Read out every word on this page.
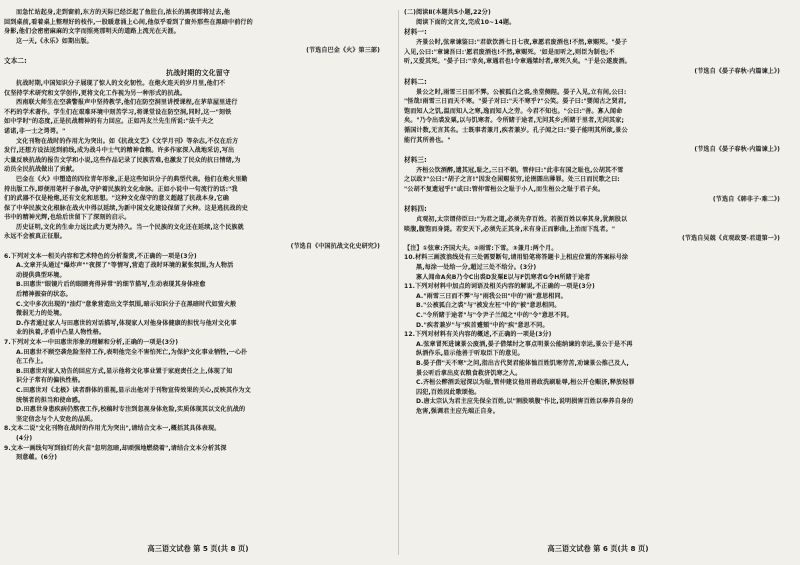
而急忙站起身,走到窗前,东方的天际已经泛起了鱼肚白,浓长的黑夜即将过去,他
回到桌前,看着桌上整理好的枝作,一股暖意涌上心间,他似乎看到了窗外那些在黑暗中前行的
身影,他们会密密麻麻的文字而照亮那明天的道路上流光在天涯。
这一天,《永乐》如期出版。
(节选自巴金《火》第三部)
文本二:
抗战时期的文化留守
抗战时期,中国知识分子展现了惊人的文化韧性。在炮火连天的岁月里,他们不
仅坚持学术研究和文学创作,更将文化工作视为另一种形式的抗战。
西南联大师生在空袭警报声中坚持教学,他们在防空洞里讲授课程,在茅草屋里进行
不朽的学术著作。学生们在艰难环境中刻苦学习,将课堂设在防空洞,同时,这一"刻铁
如中学时"的态度,正是抗战精神的有力回应。正如冯友兰先生所说:"法千夫之
诺诺,非一士之谔谔。"
文化刊物在战时的作用尤为突出。如《抗战文艺》《文学月刊》等杂志,不仅在后方
发行,还想方设法送到前线,成为战斗中士气的精神食粮。许多作家深入战地采访,写出
大量反映抗战的报告文学和小说,这些作品记录了民族苦难,也激发了民众的抗日情绪,为
动员全民抗战做出了贡献。
巴金在《火》中塑造的四位青年形象,正是这些知识分子的典型代表。他们在炮火里勤
持出版工作,即便用笔杆子参战,守护着民族的文化命脉。正如小说中一句流行的话:"我
们的武器不仅是枪炮,还有文化和思想。"这种文化保守的意义超越了抗战本身,它确
保了中华民族文化根脉在战火中得以延续,为新中国文化建设保留了火种。这是逃抗战的史
书中的精神光辉,也给后世留下了深刻的启示。
历史证明,文化的生命力远比武力更为持久。当一个民族的文化还在延续,这个民族就
永远不会被真正征服。
(节选自《中国抗战文化史研究》)
6.下列对文本一相关内容和艺术特色的分析鉴赏,不正确的一项是(3分)
A.文章开头通过"爆炸声""夜探了"等情写,营造了战时环境的紧张氛围,为人物活
动提供典型环境。
B.田惠世"眼镜片后的眼睛亮得异常"的细节描写,生动表现其身体痊愈
后精神振奋的状态。
C.文中多次出现的"油灯"意象营造出文学氛围,暗示知识分子在黑暗时代如萤火般
微弱无力的处境。
D.作者通过家人与田惠世的对话描写,体现家人对他身体健康的担忧与他对文化事
业的执着,矛盾中凸显人物性格。
7.下列对文本一中田惠世形象的理解和分析,正确的一项是(3分)
A.田惠世不顾空袭危险坚持工作,表明他完全不害怕死亡,为保护文化事业牺牲,一心扑
在工作上。
B.田惠世对家人劝告的回应方式,显示他将文化事业置于家庭责任之上,体现了知
识分子常有的偏执性格。
C.田惠世对《北极》读者群体的重视,显示出他对于刊物宣传效果的关心,反映其作为文
统领者的担当和使命感。
D.田惠世身患疾病仍熬夜工作,校稿时专注到忽视身体危险,实质体现其以文化抗战的
坚定信念与个人安危的品质。
8.文本二说"文化刊物在战时的作用尤为突出",请结合文本一,概括其具体表现。
(4分)
9.文本一画线句写到油灯的火苗"忽明忽暗,却顽强地燃烧着",请结合文本分析其深
刻意蕴。(6分)
高三语文试卷 第 5 页(共 8 页)
(二)阅读Ⅱ(本题共5小题,22分)
阅读下面的文言文,完成10~14题。
材料一:
齐景公时,弦章谏鉴曰:"君欲饮酒七日七夜,章愿君废酒也!不然,章赐死。"晏子
入见,公曰:"章谏吾曰:'愿君废酒也!不然,章赐死。'如是而听之,则臣为制也;不
听,又爱其死。"晏子曰:"幸矣,章遇君也!令章遇桀纣者,章死久矣。"于是公遂废酒。
(节选自《晏子春秋·内篇谏上》)
材料二:
景公之时,雨雪三日而不霁。公被狐白之裘,坐堂侧陛。晏子入见,立有间,公曰:
"怪哉!雨雪三日而天不寒。"晏子对曰:"天不寒乎?"公笑。晏子曰:"婴闻古之贤君,
饱而知人之饥,温而知人之寒,逸而知人之劳。今君不知也。"公曰:"善。寡人闻命
矣。"乃令出裘发粟,以与饥寒者。令所睹于途者,无问其乡;所睹于里者,无问其家;
循国计数,无言其名。士既事者兼月,疾者兼岁。孔子闻之曰:"晏子能明其所欲,景公
能行其所善也。"
(节选自《晏子春秋·内篇谏上》)
材料三:
齐桓公饮酒醉,遗其冠,耻之,三日不朝。管仲曰:"此非有国之耻也,公胡其不雪
之以政?"公曰:"胡子之言!"因发仓囷赐贫穷,论囹圄出薄罪。处三日而民歌之曰:
"公胡不复遗冠乎!"或曰:管仲雪桓公之耻于小人,而生桓公之耻于君子矣。
(节选自《韩非子·难二》)
材料四:
贞观初,太宗谓侍臣曰:"为君之道,必须先存百姓。若损百姓以奉其身,犹割股以
啖腹,腹饱而身毙。若安天下,必须先正其身,未有身正而影曲,上治而下乱者。"
(节选自吴兢《贞观政要·君道第一》)
【注】①弦章:齐国大夫。②雨雪:下雪。③兼月:两个月。
10.材料三画波浪线处有三处需要断句,请用铅笔将答题卡上相应位置的答案标号涂
黑,每涂一处给一分,超过三处不给分。(3分)
寡人闻命A矣B乃令C出裘D发粟E以与F饥寒者G令H所睹于途者
11.下列对材料中加点的词语及相关内容的解说,不正确的一项是(3分)
A."雨雪三日而不霁"与"雨我公田"中的"雨"意思相同。
B."公被狐白之裘"与"被发左衽"中的"被"意思相同。
C."令所睹于途者"与"令尹子兰闻之"中的"令"意思不同。
D."疾者兼岁"与"疾首蹙頞"中的"疾"意思不同。
12.下列对材料有关内容的概述,不正确的一项是(3分)
A.弦章冒死进谏景公废酒,晏子借桀纣之事点明景公能纳谏的幸运,景公于是不再
纵酒作乐,显示他善于听取臣下的意见。
B.晏子借"天不寒"之问,指出古代贤君能体恤百姓饥寒劳苦,劝谏景公推己及人,
景公听后拿出皮衣粮食救济饥寒之人。
C.齐桓公醉酒丢冠深以为耻,管仲建议他用善政洗刷耻辱,桓公开仓赈济,释放轻罪
囚犯,百姓因此歌颂他。
D.唐太宗认为君主应先保全百姓,以"割股啖腹"作比,说明损害百姓以奉养自身的
危害,强调君主应先端正自身。
高三语文试卷 第 6 页(共 8 页)
